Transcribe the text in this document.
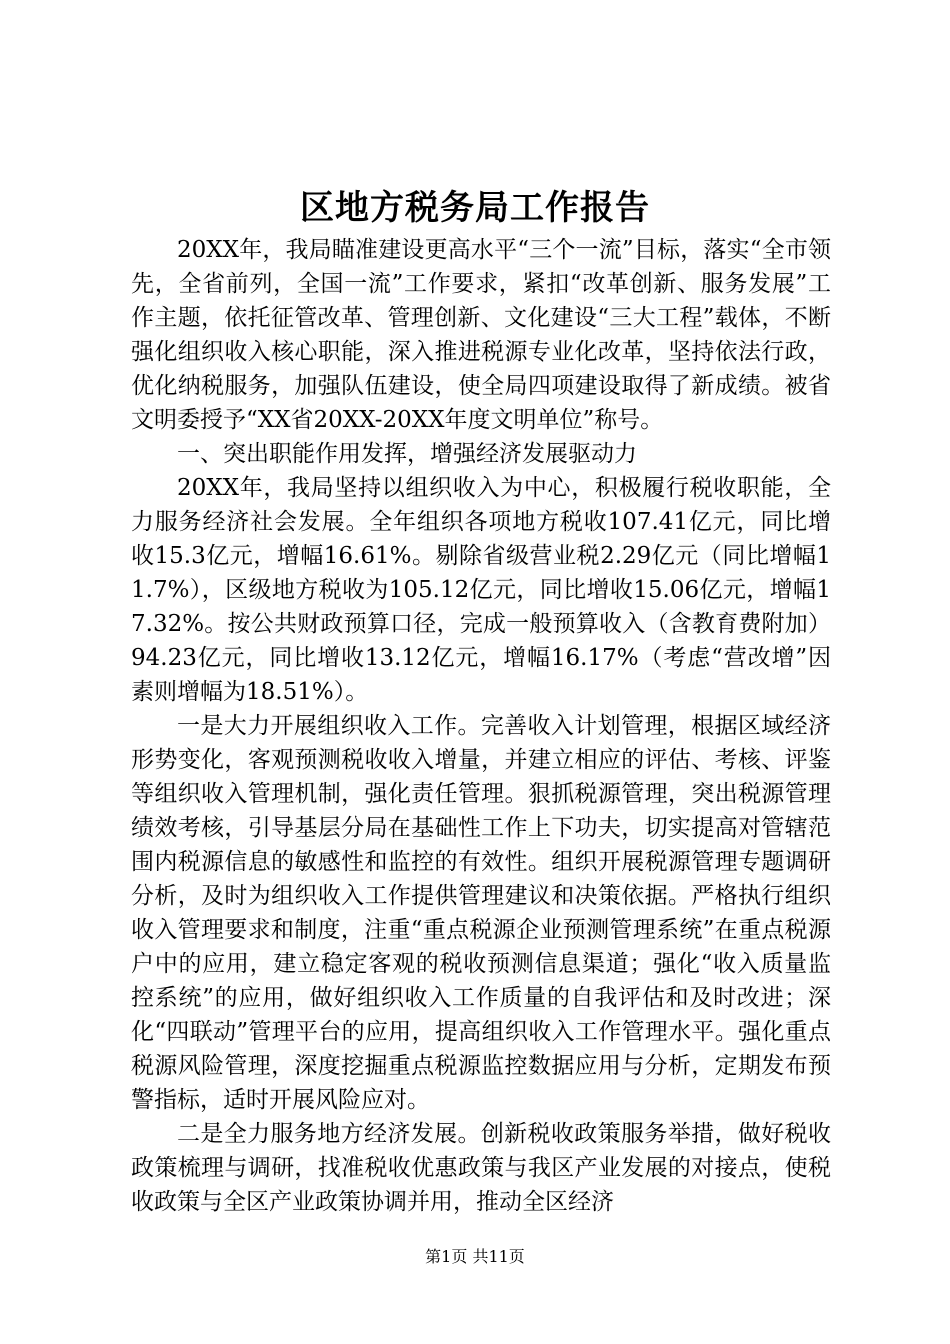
区地方税务局工作报告

20XX年，我局瞄准建设更高水平“三个一流”目标，落实“全市领先，全省前列，全国一流”工作要求，紧扣“改革创新、服务发展”工作主题，依托征管改革、管理创新、文化建设“三大工程”载体，不断强化组织收入核心职能，深入推进税源专业化改革，坚持依法行政，优化纳税服务，加强队伍建设，使全局四项建设取得了新成绩。被省文明委授予“XX省20XX-20XX年度文明单位”称号。

一、突出职能作用发挥，增强经济发展驱动力

20XX年，我局坚持以组织收入为中心，积极履行税收职能，全力服务经济社会发展。全年组织各项地方税收107.41亿元，同比增收15.3亿元，增幅16.61%。剔除省级营业税2.29亿元（同比增幅11.7%），区级地方税收为105.12亿元，同比增收15.06亿元，增幅17.32%。按公共财政预算口径，完成一般预算收入（含教育费附加）94.23亿元，同比增收13.12亿元，增幅16.17%（考虑“营改增”因素则增幅为18.51%）。

一是大力开展组织收入工作。完善收入计划管理，根据区域经济形势变化，客观预测税收收入增量，并建立相应的评估、考核、评鉴等组织收入管理机制，强化责任管理。狠抓税源管理，突出税源管理绩效考核，引导基层分局在基础性工作上下功夫，切实提高对管辖范围内税源信息的敏感性和监控的有效性。组织开展税源管理专题调研分析，及时为组织收入工作提供管理建议和决策依据。严格执行组织收入管理要求和制度，注重“重点税源企业预测管理系统”在重点税源户中的应用，建立稳定客观的税收预测信息渠道；强化“收入质量监控系统”的应用，做好组织收入工作质量的自我评估和及时改进；深化“四联动”管理平台的应用，提高组织收入工作管理水平。强化重点税源风险管理，深度挖掘重点税源监控数据应用与分析，定期发布预警指标，适时开展风险应对。

二是全力服务地方经济发展。创新税收政策服务举措，做好税收政策梳理与调研，找准税收优惠政策与我区产业发展的对接点，使税收政策与全区产业政策协调并用，推动全区经济

第1页 共11页
